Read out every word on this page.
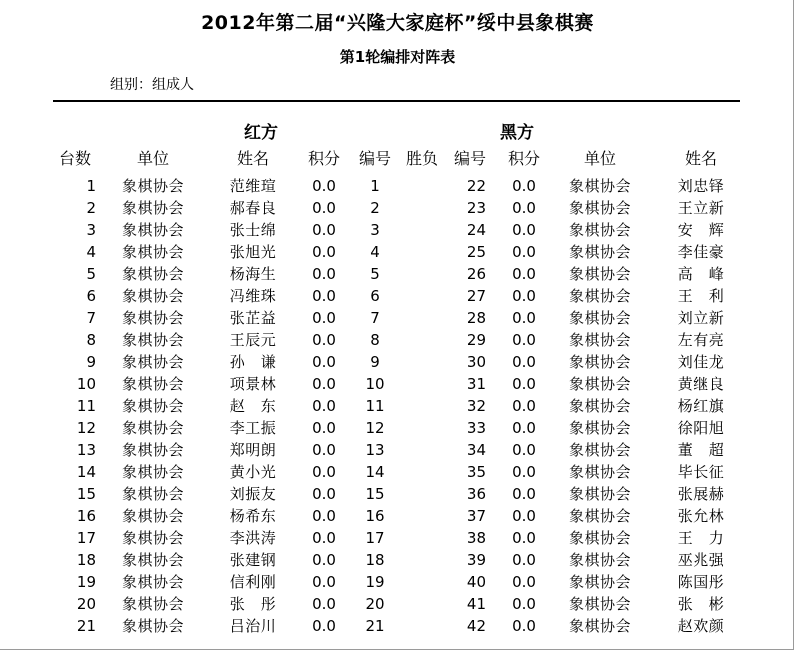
2012年第二届“兴隆大家庭杯”绥中县象棋赛
第1轮编排对阵表
组别：组成人
红方	黑方
台数	单位	姓名	积分	编号 胜负 编号	积分	单位	姓名
1	象棋协会	范维瑄	0.0	1	22	0.0	象棋协会	刘忠铎
2	象棋协会	郝春良	0.0	2	23	0.0	象棋协会	王立新
3	象棋协会	张士绵	0.0	3	24	0.0	象棋协会	安　辉
4	象棋协会	张旭光	0.0	4	25	0.0	象棋协会	李佳豪
5	象棋协会	杨海生	0.0	5	26	0.0	象棋协会	高　峰
6	象棋协会	冯维珠	0.0	6	27	0.0	象棋协会	王　利
7	象棋协会	张芷益	0.0	7	28	0.0	象棋协会	刘立新
8	象棋协会	王辰元	0.0	8	29	0.0	象棋协会	左有亮
9	象棋协会	孙　谦	0.0	9	30	0.0	象棋协会	刘佳龙
10	象棋协会	项景林	0.0	10	31	0.0	象棋协会	黄继良
11	象棋协会	赵　东	0.0	11	32	0.0	象棋协会	杨红旗
12	象棋协会	李工振	0.0	12	33	0.0	象棋协会	徐阳旭
13	象棋协会	郑明朗	0.0	13	34	0.0	象棋协会	董　超
14	象棋协会	黄小光	0.0	14	35	0.0	象棋协会	毕长征
15	象棋协会	刘振友	0.0	15	36	0.0	象棋协会	张展赫
16	象棋协会	杨希东	0.0	16	37	0.0	象棋协会	张允林
17	象棋协会	李洪涛	0.0	17	38	0.0	象棋协会	王　力
18	象棋协会	张建钢	0.0	18	39	0.0	象棋协会	巫兆强
19	象棋协会	信利刚	0.0	19	40	0.0	象棋协会	陈国彤
20	象棋协会	张　彤	0.0	20	41	0.0	象棋协会	张　彬
21	象棋协会	吕治川	0.0	21	42	0.0	象棋协会	赵欢颜
